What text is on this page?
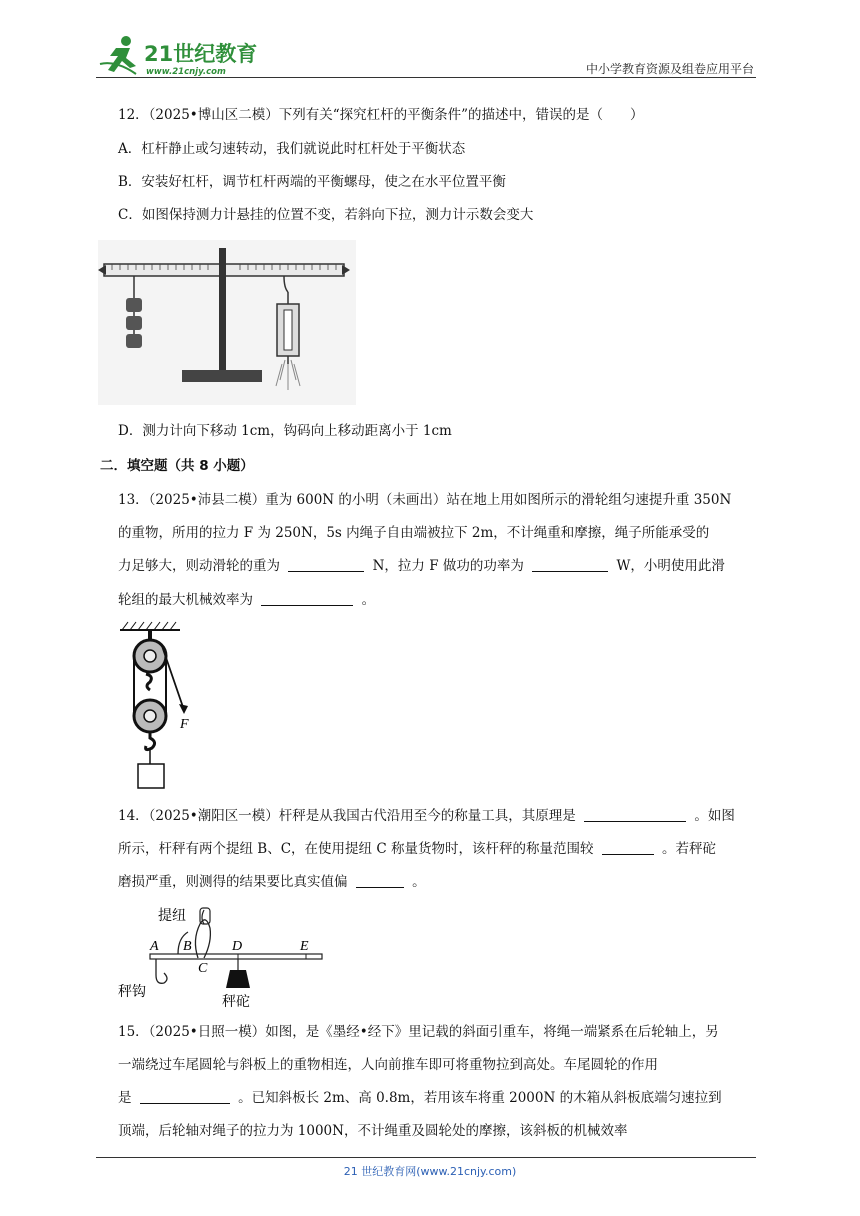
21世纪教育
www.21cnjy.com	中小学教育资源及组卷应用平台
12．（2025•博山区二模）下列有关“探究杠杆的平衡条件”的描述中，错误的是（　　）
A．杠杆静止或匀速转动，我们就说此时杠杆处于平衡状态
B．安装好杠杆，调节杠杆两端的平衡螺母，使之在水平位置平衡
C．如图保持测力计悬挂的位置不变，若斜向下拉，测力计示数会变大
D．测力计向下移动 1cm，钩码向上移动距离小于 1cm
二．填空题（共 8 小题）
13．（2025•沛县二模）重为 600N 的小明（未画出）站在地上用如图所示的滑轮组匀速提升重 350N
的重物，所用的拉力 F 为 250N，5s 内绳子自由端被拉下 2m，不计绳重和摩擦，绳子所能承受的
力足够大，则动滑轮的重为	N，拉力 F 做功的功率为	W，小明使用此滑
轮组的最大机械效率为	。
F
14．（2025•潮阳区一模）杆秤是从我国古代沿用至今的称量工具，其原理是	。如图
所示，杆秤有两个提纽 B、C，在使用提纽 C 称量货物时，该杆秤的称量范围较	。若秤砣
磨损严重，则测得的结果要比真实值偏	。
提纽
A B
C
D	E
秤钩
秤砣
15．（2025•日照一模）如图，是《墨经•经下》里记载的斜面引重车，将绳一端紧系在后轮轴上，另
一端绕过车尾圆轮与斜板上的重物相连，人向前推车即可将重物拉到高处。车尾圆轮的作用
是	。已知斜板长 2m、高 0.8m，若用该车将重 2000N 的木箱从斜板底端匀速拉到
顶端，后轮轴对绳子的拉力为 1000N，不计绳重及圆轮处的摩擦，该斜板的机械效率
21 世纪教育网(www.21cnjy.com)
